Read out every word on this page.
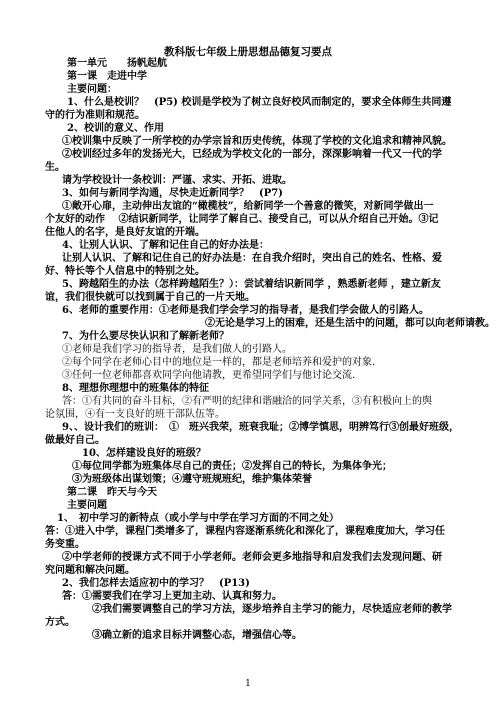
教科版七年级上册思想品德复习要点
第一单元　　扬帆起航
第一课　走进中学
主要问题：
1、什么是校训？　(P5) 校训是学校为了树立良好校风而制定的，要求全体师生共同遵
守的行为准则和规范。
2、校训的意义、作用
①校训集中反映了一所学校的办学宗旨和历史传统，体现了学校的文化追求和精神风貌。
②校训经过多年的发扬光大，已经成为学校文化的一部分，深深影响着一代又一代的学
生。
请为学校设计一条校训：严谨、求实、开拓、进取。
3、如何与新同学沟通，尽快走近新同学？　(P7)
①敞开心扉，主动伸出友谊的“橄榄枝”，给新同学一个善意的微笑，对新同学做出一
个友好的动作　 ②结识新同学，让同学了解自己、接受自己，可以从介绍自己开始。③记
住他人的名字，是良好友谊的开端。
4、让别人认识、了解和记住自己的好办法是：
让别人认识、了解和记住自己的好办法是：在自我介绍时，突出自己的姓名、性格、爱
好、特长等个人信息中的特别之处。
5、跨越陌生的办法（怎样跨越陌生？）：尝试着结识新同学 ，熟悉新老师 ，建立新友
谊，我们很快就可以找到属于自己的一片天地。
6、老师的重要作用：①老师是我们学会学习的指导者，是我们学会做人的引路人。
②无论是学习上的困难，还是生活中的问题，都可以向老师请教。
7、为什么要尽快认识和了解新老师？
①老师是我们学习的指导者，是我们做人的引路人。
②每个同学在老师心目中的地位是一样的，都是老师培养和爱护的对象.
③任何一位老师都喜欢同学向他请教，更希望同学们与他讨论交流.
8、理想你理想中的班集体的特征
答：①有共同的奋斗目标，②有严明的纪律和谐融洽的同学关系，③有积极向上的舆
论氛围，④有一支良好的班干部队伍等。
9、、设计我们的班训：　①　班兴我荣，班衰我耻；②博学慎思，明辨笃行③创最好班级，
做最好自己。
10、怎样建设良好的班级？
①每位同学都为班集体尽自己的责任；②发挥自己的特长，为集体争光；
③为班级体出谋划策；④遵守班规班纪，维护集体荣誉
第二课　昨天与今天
主要问题
1、　初中学习的新特点（或小学与中学在学习方面的不同之处）
答：①进入中学，课程门类增多了，课程内容逐渐系统化和深化了，课程难度加大，学习任
务变重。
②中学老师的授课方式不同于小学老师。老师会更多地指导和启发我们去发现问题、研
究问题和解决问题。
2、我们怎样去适应初中的学习？　(P13)
答：①需要我们在学习上更加主动、认真和努力。
②我们需要调整自己的学习方法，逐步培养自主学习的能力，尽快适应老师的教学
方式。
③确立新的追求目标并调整心态，增强信心等。
1
